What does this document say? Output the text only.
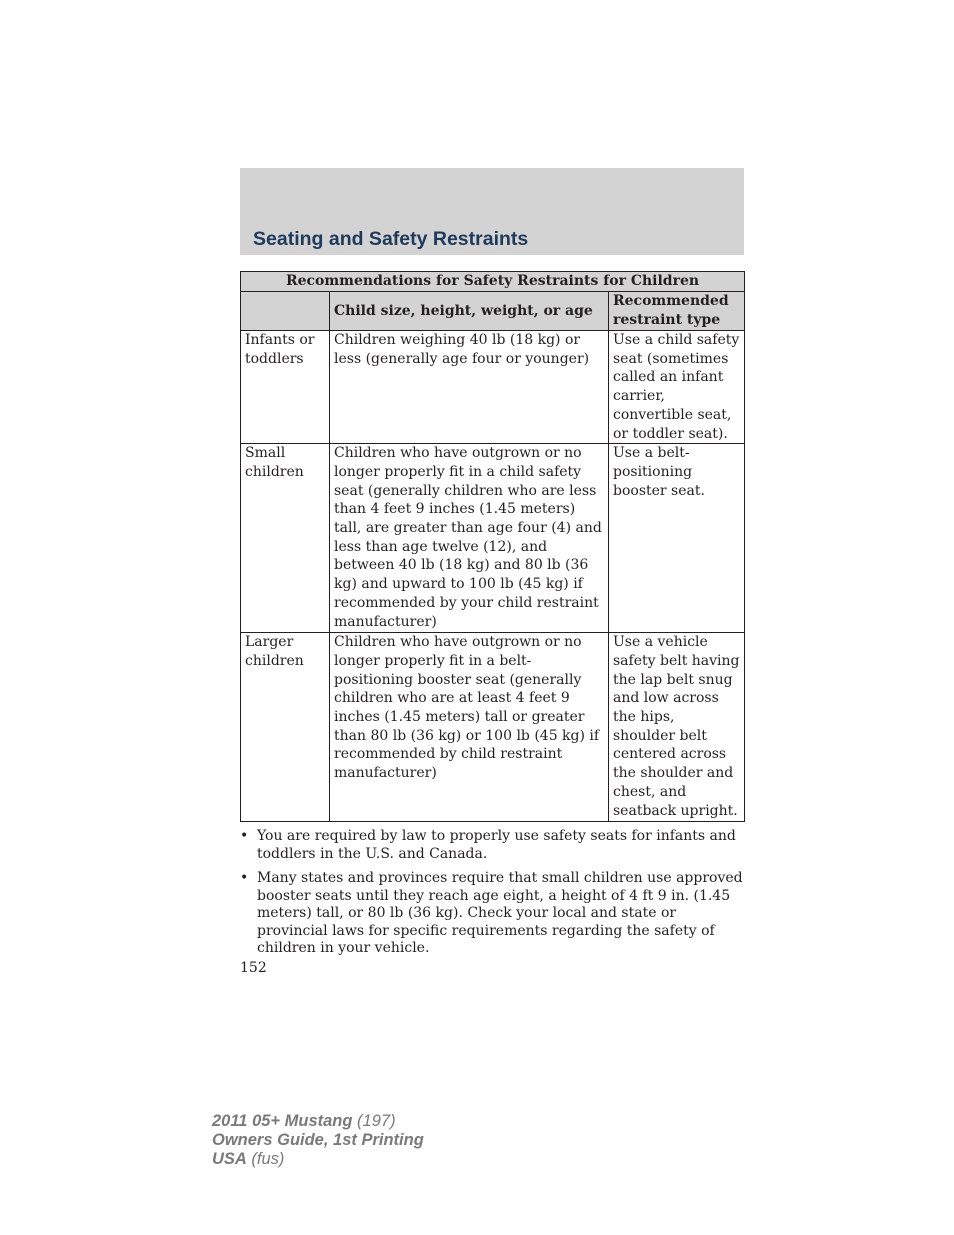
Seating and Safety Restraints
Recommendations for Safety Restraints for Children		
	Child size, height, weight, or age	Recommended restraint type
Infants or toddlers	Children weighing 40 lb (18 kg) or less (generally age four or younger)	Use a child safety seat (sometimes called an infant carrier, convertible seat, or toddler seat).
Small children	Children who have outgrown or no longer properly fit in a child safety seat (generally children who are less than 4 feet 9 inches (1.45 meters) tall, are greater than age four (4) and less than age twelve (12), and between 40 lb (18 kg) and 80 lb (36 kg) and upward to 100 lb (45 kg) if recommended by your child restraint manufacturer)	Use a belt-positioning booster seat.
Larger children	Children who have outgrown or no longer properly fit in a belt-positioning booster seat (generally children who are at least 4 feet 9 inches (1.45 meters) tall or greater than 80 lb (36 kg) or 100 lb (45 kg) if recommended by child restraint manufacturer)	Use a vehicle safety belt having the lap belt snug and low across the hips, shoulder belt centered across the shoulder and chest, and seatback upright.
• You are required by law to properly use safety seats for infants and toddlers in the U.S. and Canada.
• Many states and provinces require that small children use approved booster seats until they reach age eight, a height of 4 ft 9 in. (1.45 meters) tall, or 80 lb (36 kg). Check your local and state or provincial laws for specific requirements regarding the safety of children in your vehicle.
152
2011 05+ Mustang (197)
Owners Guide, 1st Printing
USA (fus)
